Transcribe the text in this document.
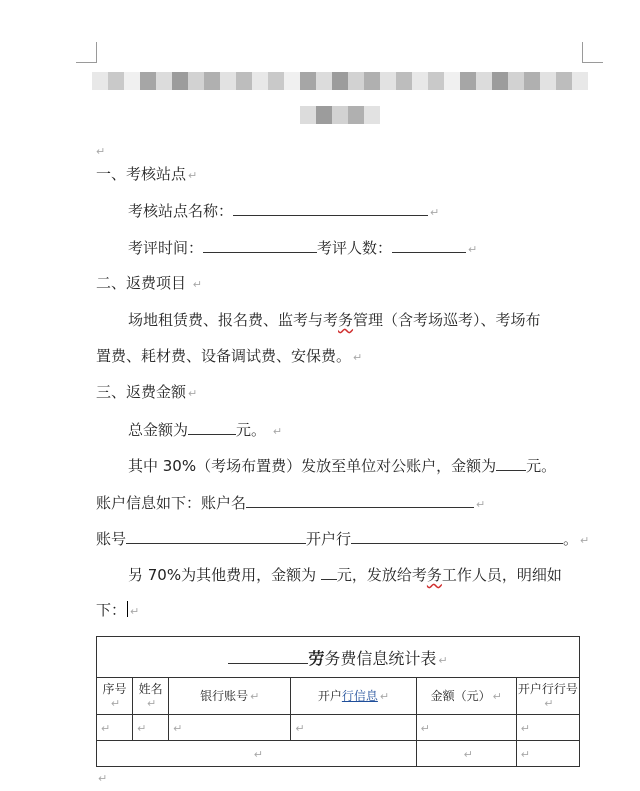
↵
一、考核站点 ↵
考核站点名称：	↵
考评时间：	考评人数：	↵
二、返费项目 ↵
场地租赁费、报名费、监考与考务管理（含考场巡考）、考场布
置费、耗材费、设备调试费、安保费。 ↵
三、返费金额 ↵
总金额为	元。 ↵
其中 30%（考场布置费）发放至单位对公账户，金额为 元。
账户信息如下：账户名	↵
账号	开户行	。 ↵
另 70%为其他费用，金额为 元，发放给考务工作人员，明细如
下： ↵
劳务费信息统计表 ↵					
序号↵	姓名↵	银行账号 ↵	开户行信息 ↵	金额（元） ↵	开户行行号↵
↵	↵	↵	↵	↵	↵
↵				↵	↵
↵
